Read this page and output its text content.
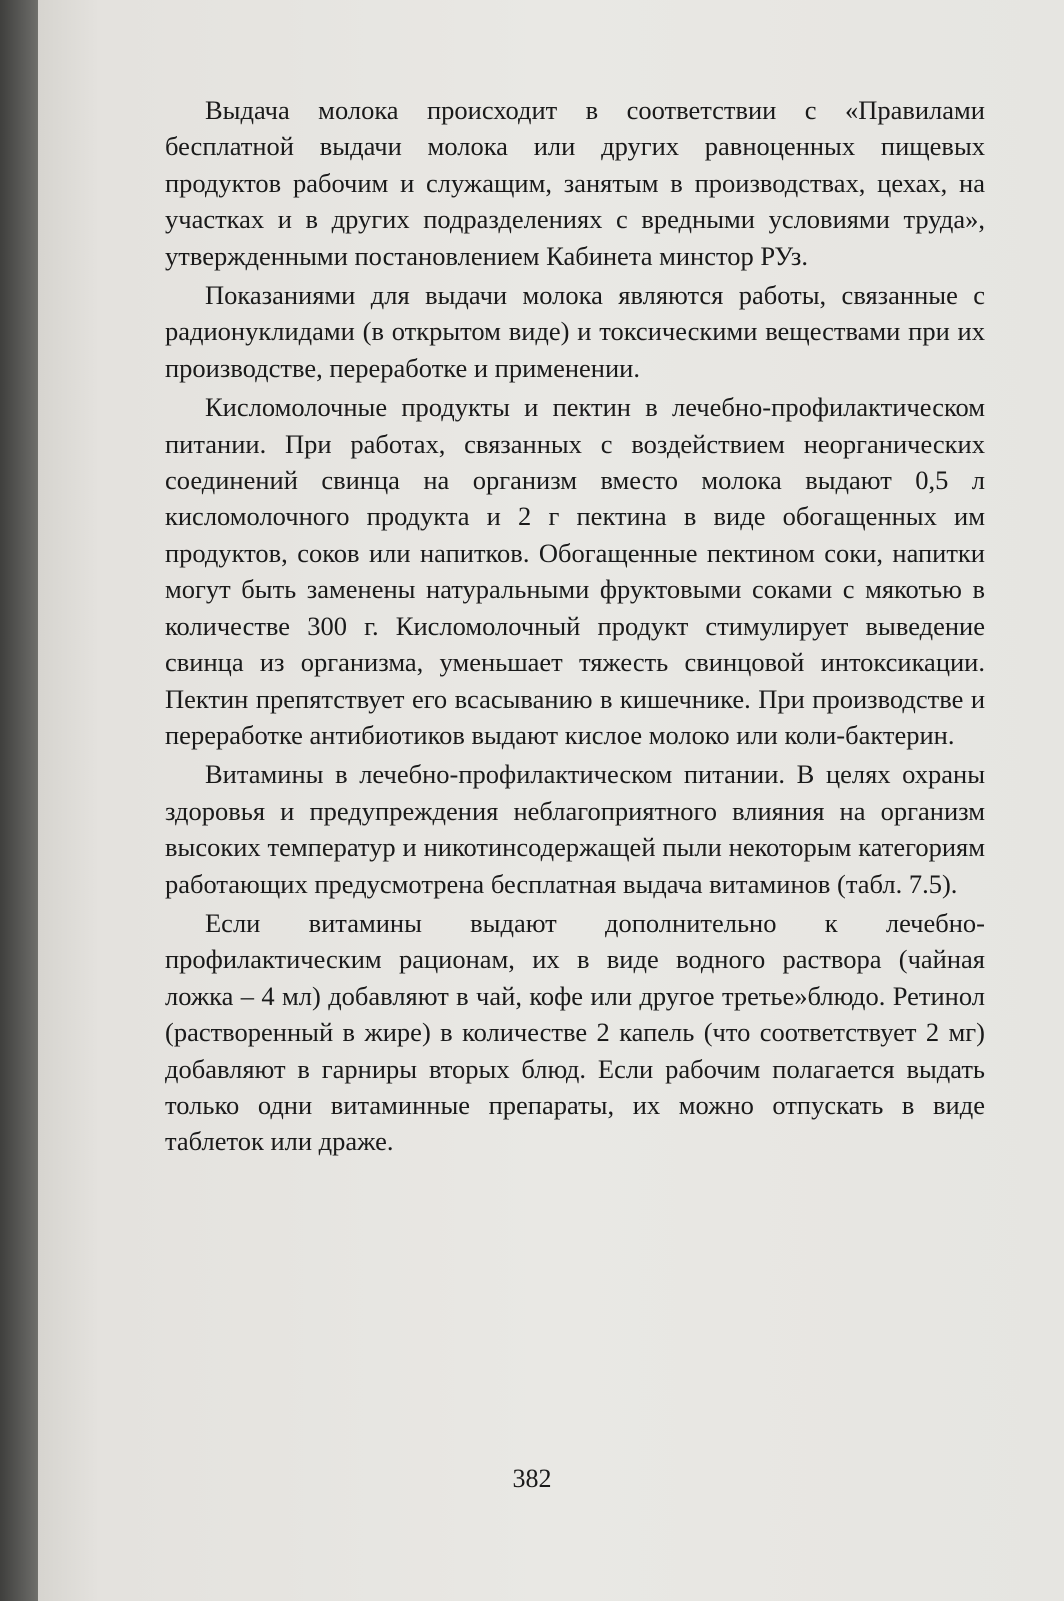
Выдача молока происходит в соответствии с «Правилами бесплатной выдачи молока или других равноценных пищевых продуктов рабочим и служащим, занятым в производствах, цехах, на участках и в других подразделениях с вредными условиями труда», утвержденными постановлением Кабинета минстор РУз.

Показаниями для выдачи молока являются работы, связанные с радионуклидами (в открытом виде) и токсическими веществами при их производстве, переработке и применении.

Кисломолочные продукты и пектин в лечебно-профилактическом питании. При работах, связанных с воздействием неорганических соединений свинца на организм вместо молока выдают 0,5 л кисломолочного продукта и 2 г пектина в виде обогащенных им продуктов, соков или напитков. Обогащенные пектином соки, напитки могут быть заменены натуральными фруктовыми соками с мякотью в количестве 300 г. Кисломолочный продукт стимулирует выведение свинца из организма, уменьшает тяжесть свинцовой интоксикации. Пектин препятствует его всасыванию в кишечнике. При производстве и переработке антибиотиков выдают кислое молоко или коли-бактерин.

Витамины в лечебно-профилактическом питании. В целях охраны здоровья и предупреждения неблагоприятного влияния на организм высоких температур и никотинсодержащей пыли некоторым категориям работающих предусмотрена бесплатная выдача витаминов (табл. 7.5).

Если витамины выдают дополнительно к лечебно-профилактическим рационам, их в виде водного раствора (чайная ложка – 4 мл) добавляют в чай, кофе или другое третье»блюдо. Ретинол (растворенный в жире) в количестве 2 капель (что соответствует 2 мг) добавляют в гарниры вторых блюд. Если рабочим полагается выдать только одни витаминные препараты, их можно отпускать в виде таблеток или драже.

382
